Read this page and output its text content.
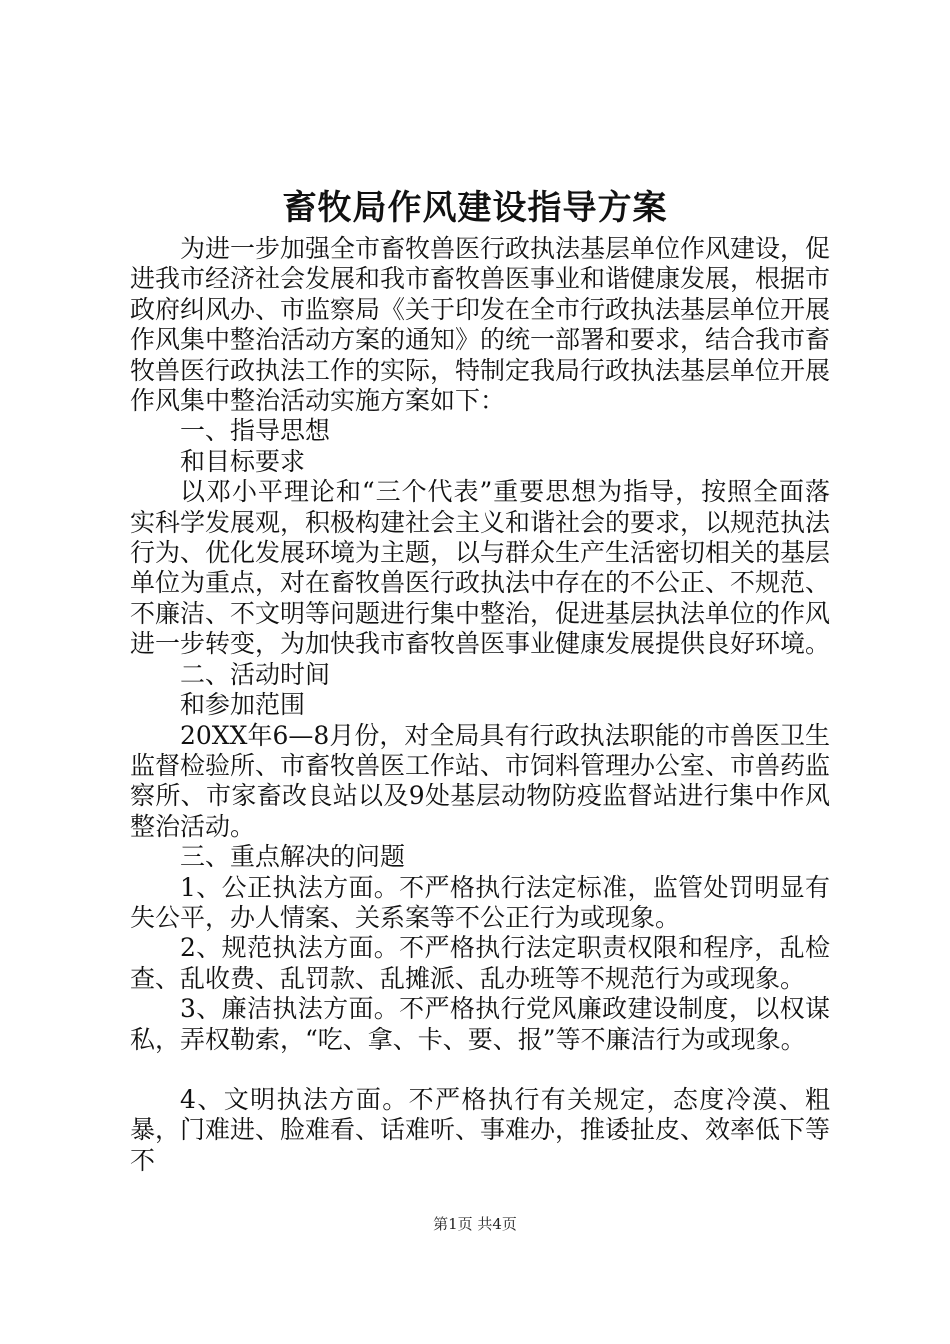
畜牧局作风建设指导方案

为进一步加强全市畜牧兽医行政执法基层单位作风建设，促进我市经济社会发展和我市畜牧兽医事业和谐健康发展，根据市政府纠风办、市监察局《关于印发在全市行政执法基层单位开展作风集中整治活动方案的通知》的统一部署和要求，结合我市畜牧兽医行政执法工作的实际，特制定我局行政执法基层单位开展作风集中整治活动实施方案如下：

一、指导思想

和目标要求

以邓小平理论和“三个代表”重要思想为指导，按照全面落实科学发展观，积极构建社会主义和谐社会的要求，以规范执法行为、优化发展环境为主题，以与群众生产生活密切相关的基层单位为重点，对在畜牧兽医行政执法中存在的不公正、不规范、不廉洁、不文明等问题进行集中整治，促进基层执法单位的作风进一步转变，为加快我市畜牧兽医事业健康发展提供良好环境。

二、活动时间

和参加范围

20XX年6—8月份，对全局具有行政执法职能的市兽医卫生监督检验所、市畜牧兽医工作站、市饲料管理办公室、市兽药监察所、市家畜改良站以及9处基层动物防疫监督站进行集中作风整治活动。

三、重点解决的问题

1、公正执法方面。不严格执行法定标准，监管处罚明显有失公平，办人情案、关系案等不公正行为或现象。

2、规范执法方面。不严格执行法定职责权限和程序，乱检查、乱收费、乱罚款、乱摊派、乱办班等不规范行为或现象。

3、廉洁执法方面。不严格执行党风廉政建设制度，以权谋私，弄权勒索，“吃、拿、卡、要、报”等不廉洁行为或现象。

4、文明执法方面。不严格执行有关规定，态度冷漠、粗暴，门难进、脸难看、话难听、事难办，推诿扯皮、效率低下等不

第1页 共4页
